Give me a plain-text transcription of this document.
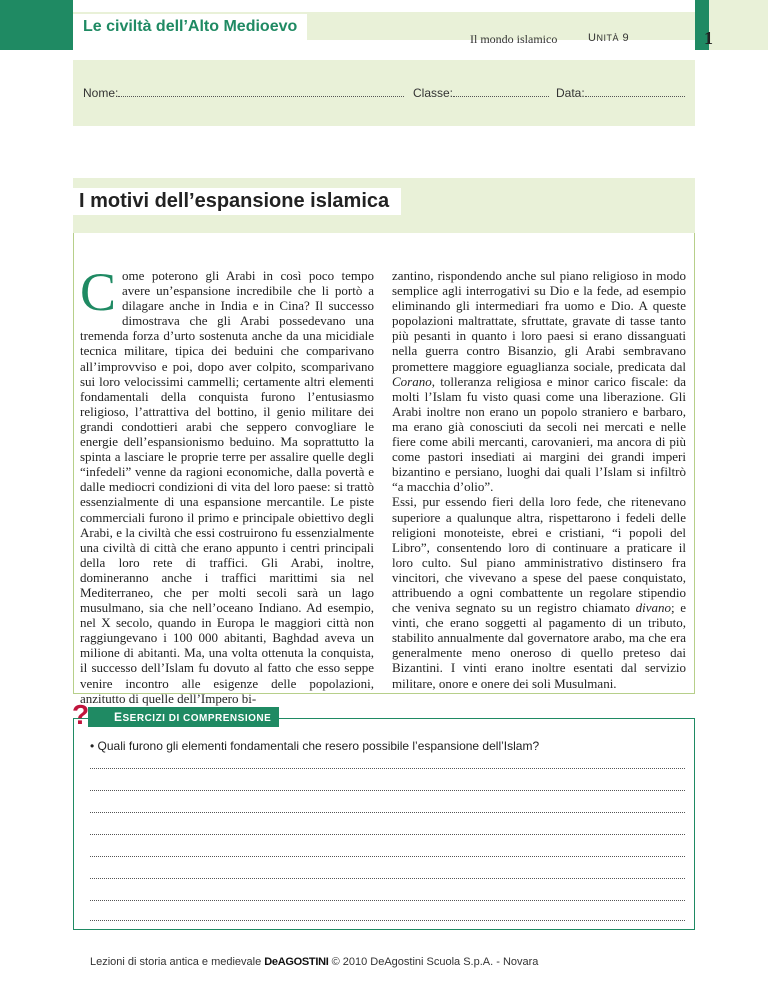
Le civiltà dell’Alto Medioevo
Il mondo islamico	UNITÀ 9	1
Nome:	Classe:	Data:
I motivi dell’espansione islamica
Come poterono gli Arabi in così poco tempo avere un’espansione incredibile che li portò a dilagare anche in India e in Cina? Il successo dimostrava che gli Arabi possedevano una tremenda forza d’urto sostenuta anche da una micidiale tecnica militare, tipica dei beduini che comparivano all’improvviso e poi, dopo aver colpito, scomparivano sui loro velocissimi cammelli; certamente altri elementi fondamentali della conquista furono l’entusiasmo religioso, l’attrattiva del bottino, il genio militare dei grandi condottieri arabi che seppero convogliare le energie dell’espansionismo beduino. Ma soprattutto la spinta a lasciare le proprie terre per assalire quelle degli “infedeli” venne da ragioni economiche, dalla povertà e dalle mediocri condizioni di vita del loro paese: si trattò essenzialmente di una espansione mercantile. Le piste commerciali furono il primo e principale obiettivo degli Arabi, e la civiltà che essi costruirono fu essenzialmente una civiltà di città che erano appunto i centri principali della loro rete di traffici. Gli Arabi, inoltre, domineranno anche i traffici marittimi sia nel Mediterraneo, che per molti secoli sarà un lago musulmano, sia che nell’oceano Indiano. Ad esempio, nel X secolo, quando in Europa le maggiori città non raggiungevano i 100 000 abitanti, Baghdad aveva un milione di abitanti. Ma, una volta ottenuta la conquista, il successo dell’Islam fu dovuto al fatto che esso seppe venire incontro alle esigenze delle popolazioni, anzitutto di quelle dell’Impero bi-
zantino, rispondendo anche sul piano religioso in modo semplice agli interrogativi su Dio e la fede, ad esempio eliminando gli intermediari fra uomo e Dio. A queste popolazioni maltrattate, sfruttate, gravate di tasse tanto più pesanti in quanto i loro paesi si erano dissanguati nella guerra contro Bisanzio, gli Arabi sembravano promettere maggiore eguaglianza sociale, predicata dal Corano, tolleranza religiosa e minor carico fiscale: da molti l’Islam fu visto quasi come una liberazione. Gli Arabi inoltre non erano un popolo straniero e barbaro, ma erano già conosciuti da secoli nei mercati e nelle fiere come abili mercanti, carovanieri, ma ancora di più come pastori insediati ai margini dei grandi imperi bizantino e persiano, luoghi dai quali l’Islam si infiltrò “a macchia d’olio”.
Essi, pur essendo fieri della loro fede, che ritenevano superiore a qualunque altra, rispettarono i fedeli delle religioni monoteiste, ebrei e cristiani, “i popoli del Libro”, consentendo loro di continuare a praticare il loro culto. Sul piano amministrativo distinsero fra vincitori, che vivevano a spese del paese conquistato, attribuendo a ogni combattente un regolare stipendio che veniva segnato su un registro chiamato divano; e vinti, che erano soggetti al pagamento di un tributo, stabilito annualmente dal governatore arabo, ma che era generalmente meno oneroso di quello preteso dai Bizantini. I vinti erano inoltre esentati dal servizio militare, onore e onere dei soli Musulmani.
ESERCIZI DI COMPRENSIONE
?
• Quali furono gli elementi fondamentali che resero possibile l’espansione dell’Islam?
Lezioni di storia antica e medievale DeAGOSTINI © 2010 DeAgostini Scuola S.p.A. - Novara
